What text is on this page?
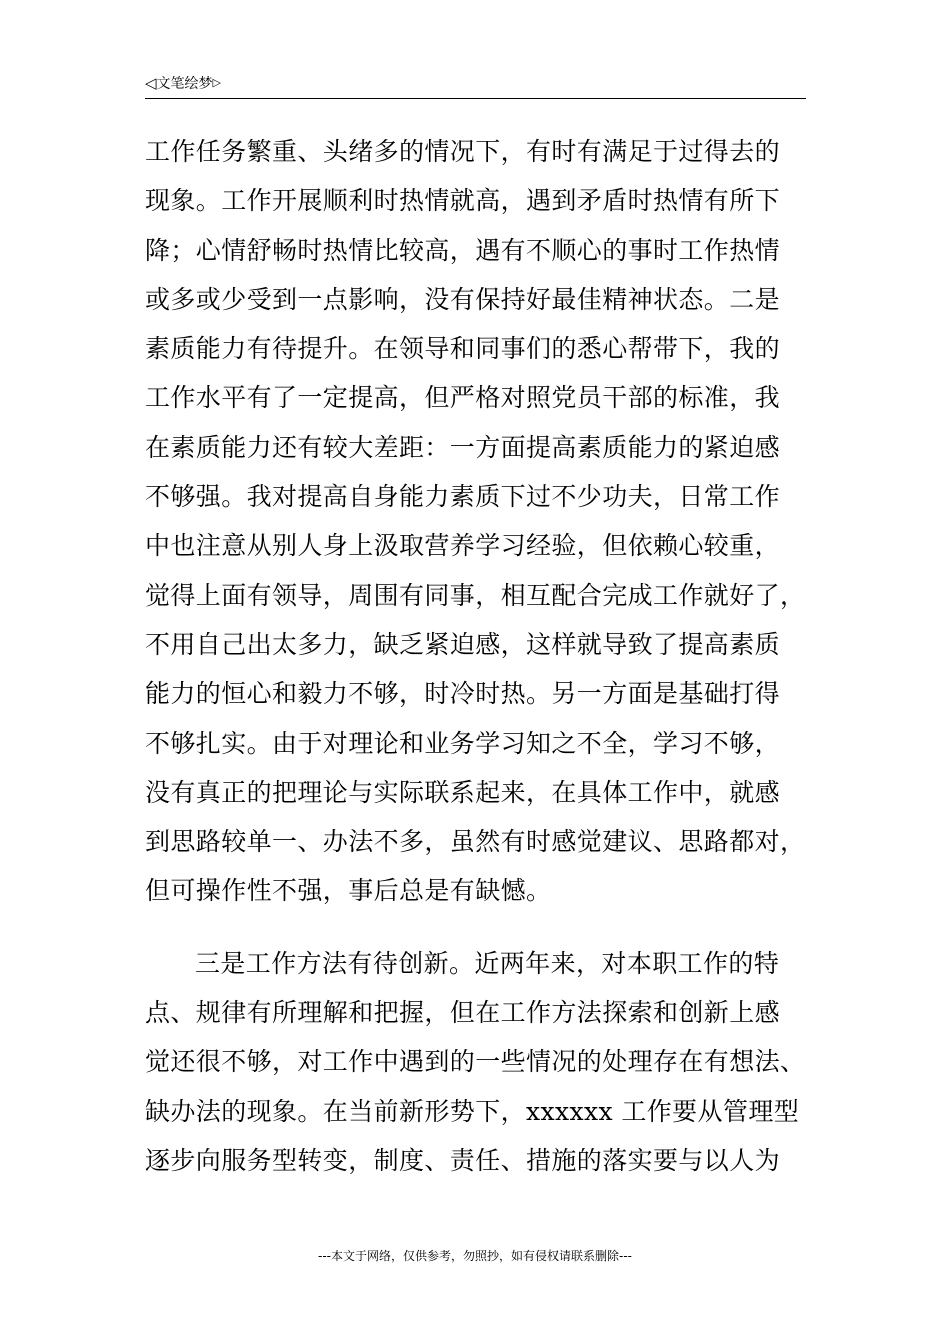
◁文笔绘梦▷
工作任务繁重、头绪多的情况下，有时有满足于过得去的
现象。工作开展顺利时热情就高，遇到矛盾时热情有所下
降；心情舒畅时热情比较高，遇有不顺心的事时工作热情
或多或少受到一点影响，没有保持好最佳精神状态。二是
素质能力有待提升。在领导和同事们的悉心帮带下，我的
工作水平有了一定提高，但严格对照党员干部的标准，我
在素质能力还有较大差距：一方面提高素质能力的紧迫感
不够强。我对提高自身能力素质下过不少功夫，日常工作
中也注意从别人身上汲取营养学习经验，但依赖心较重，
觉得上面有领导，周围有同事，相互配合完成工作就好了，
不用自己出太多力，缺乏紧迫感，这样就导致了提高素质
能力的恒心和毅力不够，时冷时热。另一方面是基础打得
不够扎实。由于对理论和业务学习知之不全，学习不够，
没有真正的把理论与实际联系起来，在具体工作中，就感
到思路较单一、办法不多，虽然有时感觉建议、思路都对，
但可操作性不强，事后总是有缺憾。
三是工作方法有待创新。近两年来，对本职工作的特
点、规律有所理解和把握，但在工作方法探索和创新上感
觉还很不够，对工作中遇到的一些情况的处理存在有想法、
缺办法的现象。在当前新形势下，xxxxxx 工作要从管理型
逐步向服务型转变，制度、责任、措施的落实要与以人为
---本文于网络，仅供参考，勿照抄，如有侵权请联系删除---
